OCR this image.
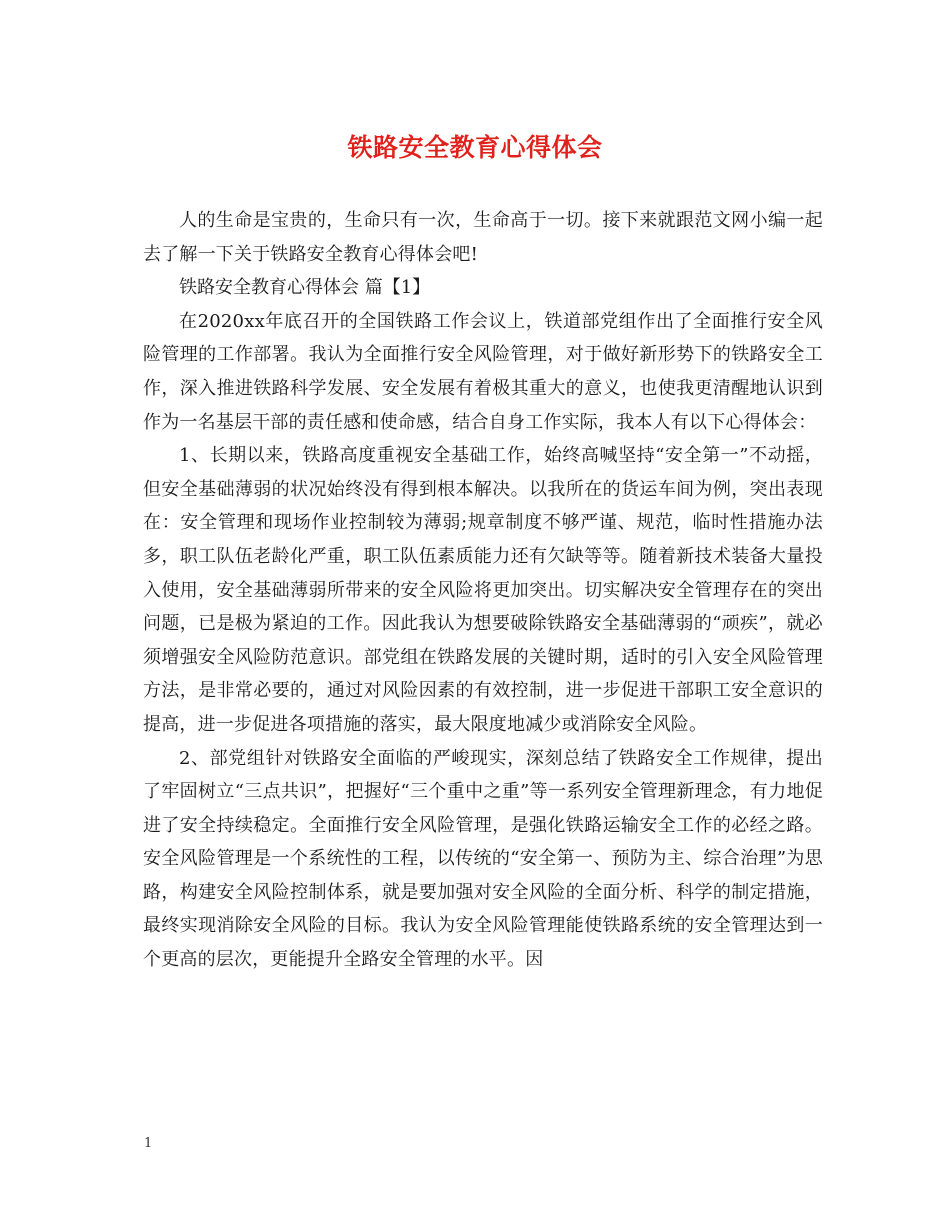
铁路安全教育心得体会

人的生命是宝贵的，生命只有一次，生命高于一切。接下来就跟范文网小编一起去了解一下关于铁路安全教育心得体会吧!

铁路安全教育心得体会 篇【1】

在2020xx年底召开的全国铁路工作会议上，铁道部党组作出了全面推行安全风险管理的工作部署。我认为全面推行安全风险管理，对于做好新形势下的铁路安全工作，深入推进铁路科学发展、安全发展有着极其重大的意义，也使我更清醒地认识到作为一名基层干部的责任感和使命感，结合自身工作实际，我本人有以下心得体会：

1、长期以来，铁路高度重视安全基础工作，始终高喊坚持“安全第一”不动摇，但安全基础薄弱的状况始终没有得到根本解决。以我所在的货运车间为例，突出表现在：安全管理和现场作业控制较为薄弱;规章制度不够严谨、规范，临时性措施办法多，职工队伍老龄化严重，职工队伍素质能力还有欠缺等等。随着新技术装备大量投入使用，安全基础薄弱所带来的安全风险将更加突出。切实解决安全管理存在的突出问题，已是极为紧迫的工作。因此我认为想要破除铁路安全基础薄弱的“顽疾”，就必须增强安全风险防范意识。部党组在铁路发展的关键时期，适时的引入安全风险管理方法，是非常必要的，通过对风险因素的有效控制，进一步促进干部职工安全意识的提高，进一步促进各项措施的落实，最大限度地减少或消除安全风险。

2、部党组针对铁路安全面临的严峻现实，深刻总结了铁路安全工作规律，提出了牢固树立“三点共识”，把握好“三个重中之重”等一系列安全管理新理念，有力地促进了安全持续稳定。全面推行安全风险管理，是强化铁路运输安全工作的必经之路。安全风险管理是一个系统性的工程，以传统的“安全第一、预防为主、综合治理”为思路，构建安全风险控制体系，就是要加强对安全风险的全面分析、科学的制定措施，最终实现消除安全风险的目标。我认为安全风险管理能使铁路系统的安全管理达到一个更高的层次，更能提升全路安全管理的水平。因

1
